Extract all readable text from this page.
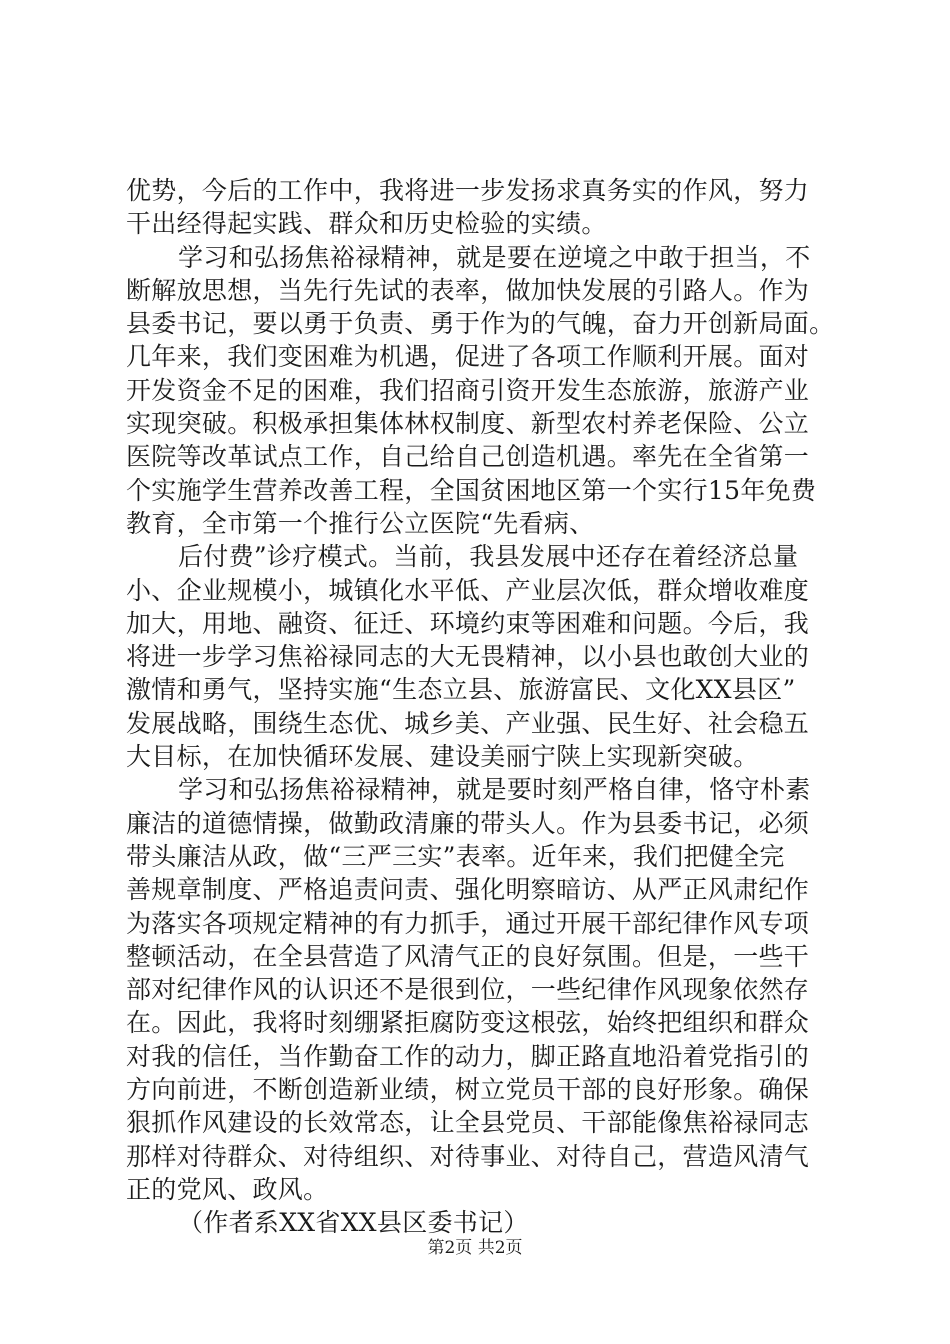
优势，今后的工作中，我将进一步发扬求真务实的作风，努力
干出经得起实践、群众和历史检验的实绩。
学习和弘扬焦裕禄精神，就是要在逆境之中敢于担当，不
断解放思想，当先行先试的表率，做加快发展的引路人。作为
县委书记，要以勇于负责、勇于作为的气魄，奋力开创新局面。
几年来，我们变困难为机遇，促进了各项工作顺利开展。面对
开发资金不足的困难，我们招商引资开发生态旅游，旅游产业
实现突破。积极承担集体林权制度、新型农村养老保险、公立
医院等改革试点工作，自己给自己创造机遇。率先在全省第一
个实施学生营养改善工程，全国贫困地区第一个实行15年免费
教育，全市第一个推行公立医院“先看病、
后付费”诊疗模式。当前，我县发展中还存在着经济总量
小、企业规模小，城镇化水平低、产业层次低，群众增收难度
加大，用地、融资、征迁、环境约束等困难和问题。今后，我
将进一步学习焦裕禄同志的大无畏精神，以小县也敢创大业的
激情和勇气，坚持实施“生态立县、旅游富民、文化XX县区”
发展战略，围绕生态优、城乡美、产业强、民生好、社会稳五
大目标，在加快循环发展、建设美丽宁陕上实现新突破。
学习和弘扬焦裕禄精神，就是要时刻严格自律，恪守朴素
廉洁的道德情操，做勤政清廉的带头人。作为县委书记，必须
带头廉洁从政，做“三严三实”表率。近年来，我们把健全完
善规章制度、严格追责问责、强化明察暗访、从严正风肃纪作
为落实各项规定精神的有力抓手，通过开展干部纪律作风专项
整顿活动，在全县营造了风清气正的良好氛围。但是，一些干
部对纪律作风的认识还不是很到位，一些纪律作风现象依然存
在。因此，我将时刻绷紧拒腐防变这根弦，始终把组织和群众
对我的信任，当作勤奋工作的动力，脚正路直地沿着党指引的
方向前进，不断创造新业绩，树立党员干部的良好形象。确保
狠抓作风建设的长效常态，让全县党员、干部能像焦裕禄同志
那样对待群众、对待组织、对待事业、对待自己，营造风清气
正的党风、政风。
（作者系XX省XX县区委书记）
第2页 共2页
